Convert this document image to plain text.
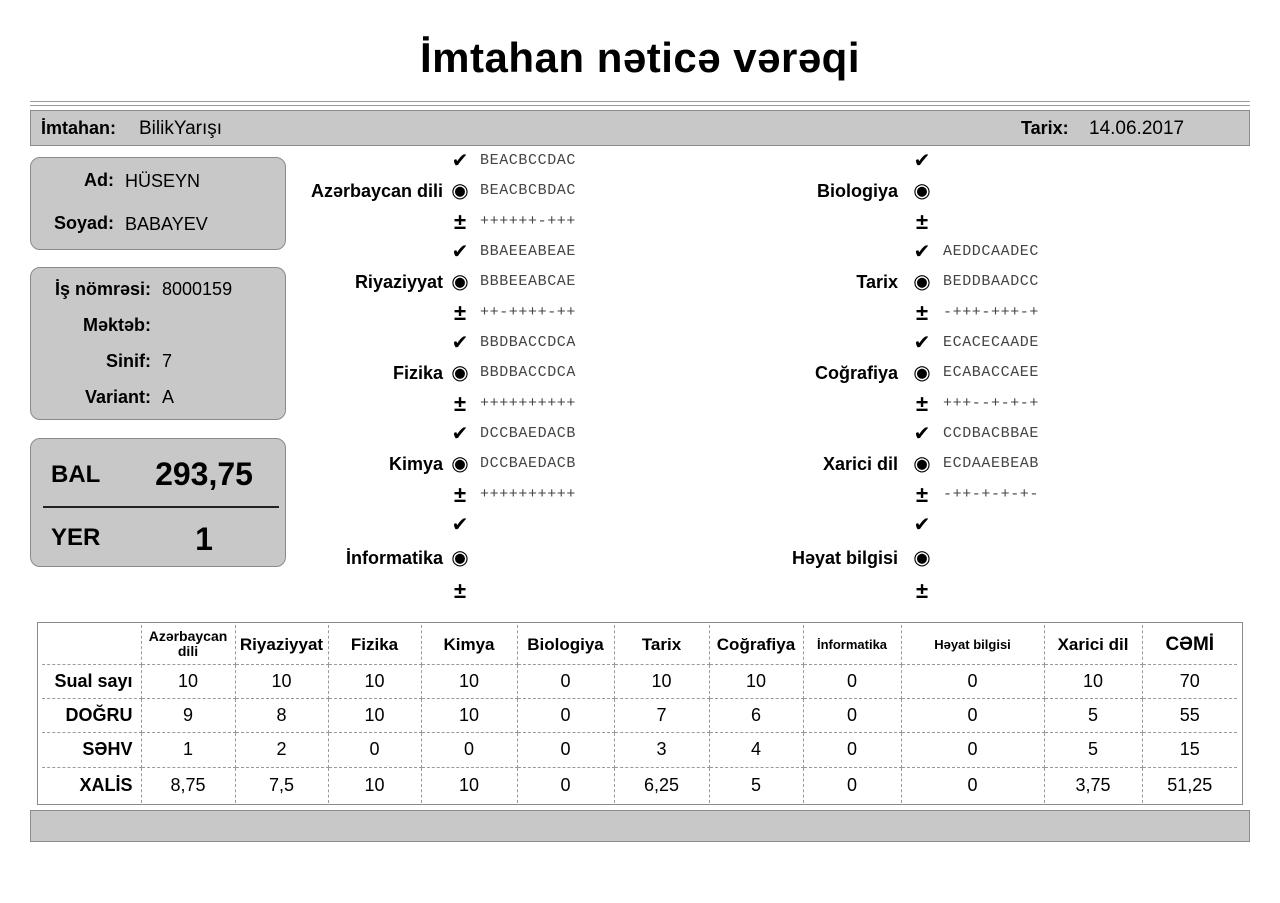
İmtahan nəticə vərəqi
İmtahan: BilikYarışı	Tarix: 14.06.2017
Ad: HÜSEYN
Soyad: BABAYEV
İş nömrəsi: 8000159
Məktəb:
Sinif: 7
Variant: A
BAL	293,75
YER	1
Azərbaycan dili
✔ BEACBCCDAC
◉ BEACBCBDAC
± ++++++-+++
Riyaziyyat
✔ BBAEEABEAE
◉ BBBEEABCAE
± ++-++++-++
Fizika
✔ BBDBACCDCA
◉ BBDBACCDCA
± ++++++++++
Kimya
✔ DCCBAEDACB
◉ DCCBAEDACB
± ++++++++++
İnformatika
✔
◉
±
Biologiya
✔
◉
±
Tarix
✔ AEDDCAADEC
◉ BEDDBAADCC
± -+++-+++-+
Coğrafiya
✔ ECACECAADE
◉ ECABACCAEE
± +++--+-+-+
Xarici dil
✔ CCDBACBBAE
◉ ECDAAEBEAB
± -++-+-+-+-
Həyat bilgisi
✔
◉
±
	Azərbaycan dili	Riyaziyyat	Fizika	Kimya	Biologiya	Tarix	Coğrafiya	İnformatika	Həyat bilgisi	Xarici dil	CƏMİ
Sual sayı	10	10	10	10	0	10	10	0	0	10	70
DOĞRU	9	8	10	10	0	7	6	0	0	5	55
SƏHV	1	2	0	0	0	3	4	0	0	5	15
XALİS	8,75	7,5	10	10	0	6,25	5	0	0	3,75	51,25
